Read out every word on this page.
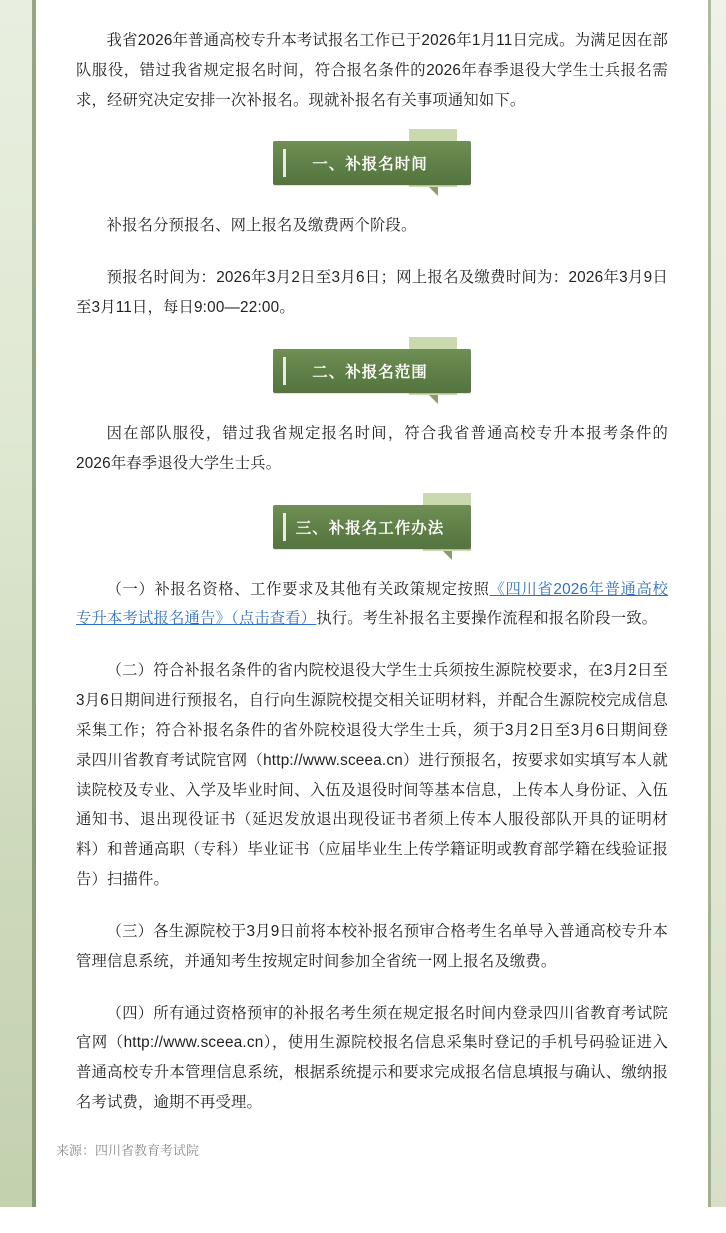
我省2026年普通高校专升本考试报名工作已于2026年1月11日完成。为满足因在部队服役，错过我省规定报名时间，符合报名条件的2026年春季退役大学生士兵报名需求，经研究决定安排一次补报名。现就补报名有关事项通知如下。

一、补报名时间

补报名分预报名、网上报名及缴费两个阶段。

预报名时间为：2026年3月2日至3月6日；网上报名及缴费时间为：2026年3月9日至3月11日，每日9:00—22:00。

二、补报名范围

因在部队服役，错过我省规定报名时间，符合我省普通高校专升本报考条件的2026年春季退役大学生士兵。

三、补报名工作办法

（一）补报名资格、工作要求及其他有关政策规定按照《四川省2026年普通高校专升本考试报名通告》（点击查看）执行。考生补报名主要操作流程和报名阶段一致。

（二）符合补报名条件的省内院校退役大学生士兵须按生源院校要求，在3月2日至3月6日期间进行预报名，自行向生源院校提交相关证明材料，并配合生源院校完成信息采集工作；符合补报名条件的省外院校退役大学生士兵，须于3月2日至3月6日期间登录四川省教育考试院官网（http://www.sceea.cn）进行预报名，按要求如实填写本人就读院校及专业、入学及毕业时间、入伍及退役时间等基本信息，上传本人身份证、入伍通知书、退出现役证书（延迟发放退出现役证书者须上传本人服役部队开具的证明材料）和普通高职（专科）毕业证书（应届毕业生上传学籍证明或教育部学籍在线验证报告）扫描件。

（三）各生源院校于3月9日前将本校补报名预审合格考生名单导入普通高校专升本管理信息系统，并通知考生按规定时间参加全省统一网上报名及缴费。

（四）所有通过资格预审的补报名考生须在规定报名时间内登录四川省教育考试院官网（http://www.sceea.cn），使用生源院校报名信息采集时登记的手机号码验证进入普通高校专升本管理信息系统，根据系统提示和要求完成报名信息填报与确认、缴纳报名考试费，逾期不再受理。

来源：四川省教育考试院
